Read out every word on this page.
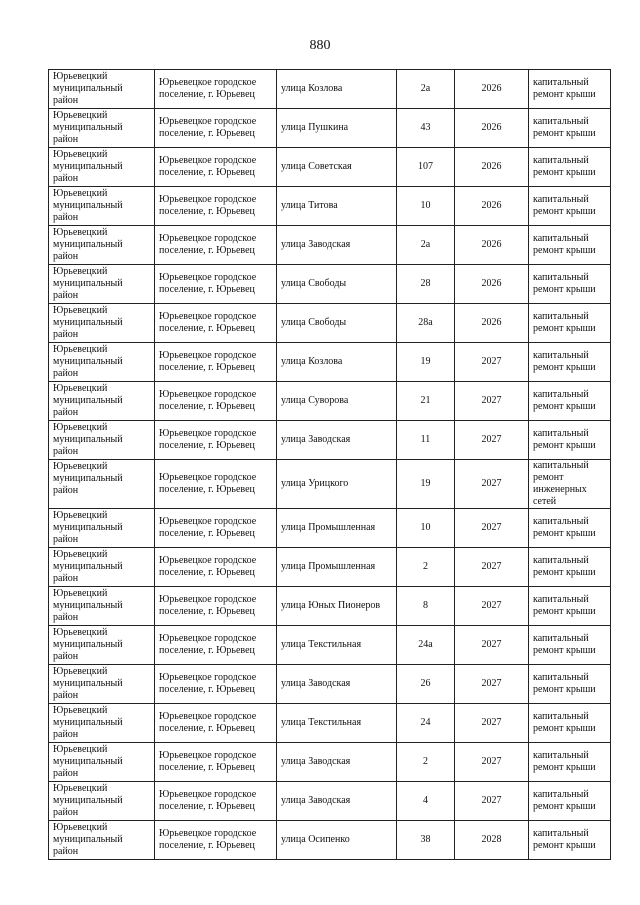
880
Юрьевецкий муниципальный район	Юрьевецкое городское поселение, г. Юрьевец	улица Козлова	2а	2026	капитальный ремонт крыши
Юрьевецкий муниципальный район	Юрьевецкое городское поселение, г. Юрьевец	улица Пушкина	43	2026	капитальный ремонт крыши
Юрьевецкий муниципальный район	Юрьевецкое городское поселение, г. Юрьевец	улица Советская	107	2026	капитальный ремонт крыши
Юрьевецкий муниципальный район	Юрьевецкое городское поселение, г. Юрьевец	улица Титова	10	2026	капитальный ремонт крыши
Юрьевецкий муниципальный район	Юрьевецкое городское поселение, г. Юрьевец	улица Заводская	2а	2026	капитальный ремонт крыши
Юрьевецкий муниципальный район	Юрьевецкое городское поселение, г. Юрьевец	улица Свободы	28	2026	капитальный ремонт крыши
Юрьевецкий муниципальный район	Юрьевецкое городское поселение, г. Юрьевец	улица Свободы	28а	2026	капитальный ремонт крыши
Юрьевецкий муниципальный район	Юрьевецкое городское поселение, г. Юрьевец	улица Козлова	19	2027	капитальный ремонт крыши
Юрьевецкий муниципальный район	Юрьевецкое городское поселение, г. Юрьевец	улица Суворова	21	2027	капитальный ремонт крыши
Юрьевецкий муниципальный район	Юрьевецкое городское поселение, г. Юрьевец	улица Заводская	11	2027	капитальный ремонт крыши
Юрьевецкий муниципальный район	Юрьевецкое городское поселение, г. Юрьевец	улица Урицкого	19	2027	капитальный ремонт инженерных сетей
Юрьевецкий муниципальный район	Юрьевецкое городское поселение, г. Юрьевец	улица Промышленная	10	2027	капитальный ремонт крыши
Юрьевецкий муниципальный район	Юрьевецкое городское поселение, г. Юрьевец	улица Промышленная	2	2027	капитальный ремонт крыши
Юрьевецкий муниципальный район	Юрьевецкое городское поселение, г. Юрьевец	улица Юных Пионеров	8	2027	капитальный ремонт крыши
Юрьевецкий муниципальный район	Юрьевецкое городское поселение, г. Юрьевец	улица Текстильная	24а	2027	капитальный ремонт крыши
Юрьевецкий муниципальный район	Юрьевецкое городское поселение, г. Юрьевец	улица Заводская	26	2027	капитальный ремонт крыши
Юрьевецкий муниципальный район	Юрьевецкое городское поселение, г. Юрьевец	улица Текстильная	24	2027	капитальный ремонт крыши
Юрьевецкий муниципальный район	Юрьевецкое городское поселение, г. Юрьевец	улица Заводская	2	2027	капитальный ремонт крыши
Юрьевецкий муниципальный район	Юрьевецкое городское поселение, г. Юрьевец	улица Заводская	4	2027	капитальный ремонт крыши
Юрьевецкий муниципальный район	Юрьевецкое городское поселение, г. Юрьевец	улица Осипенко	38	2028	капитальный ремонт крыши
